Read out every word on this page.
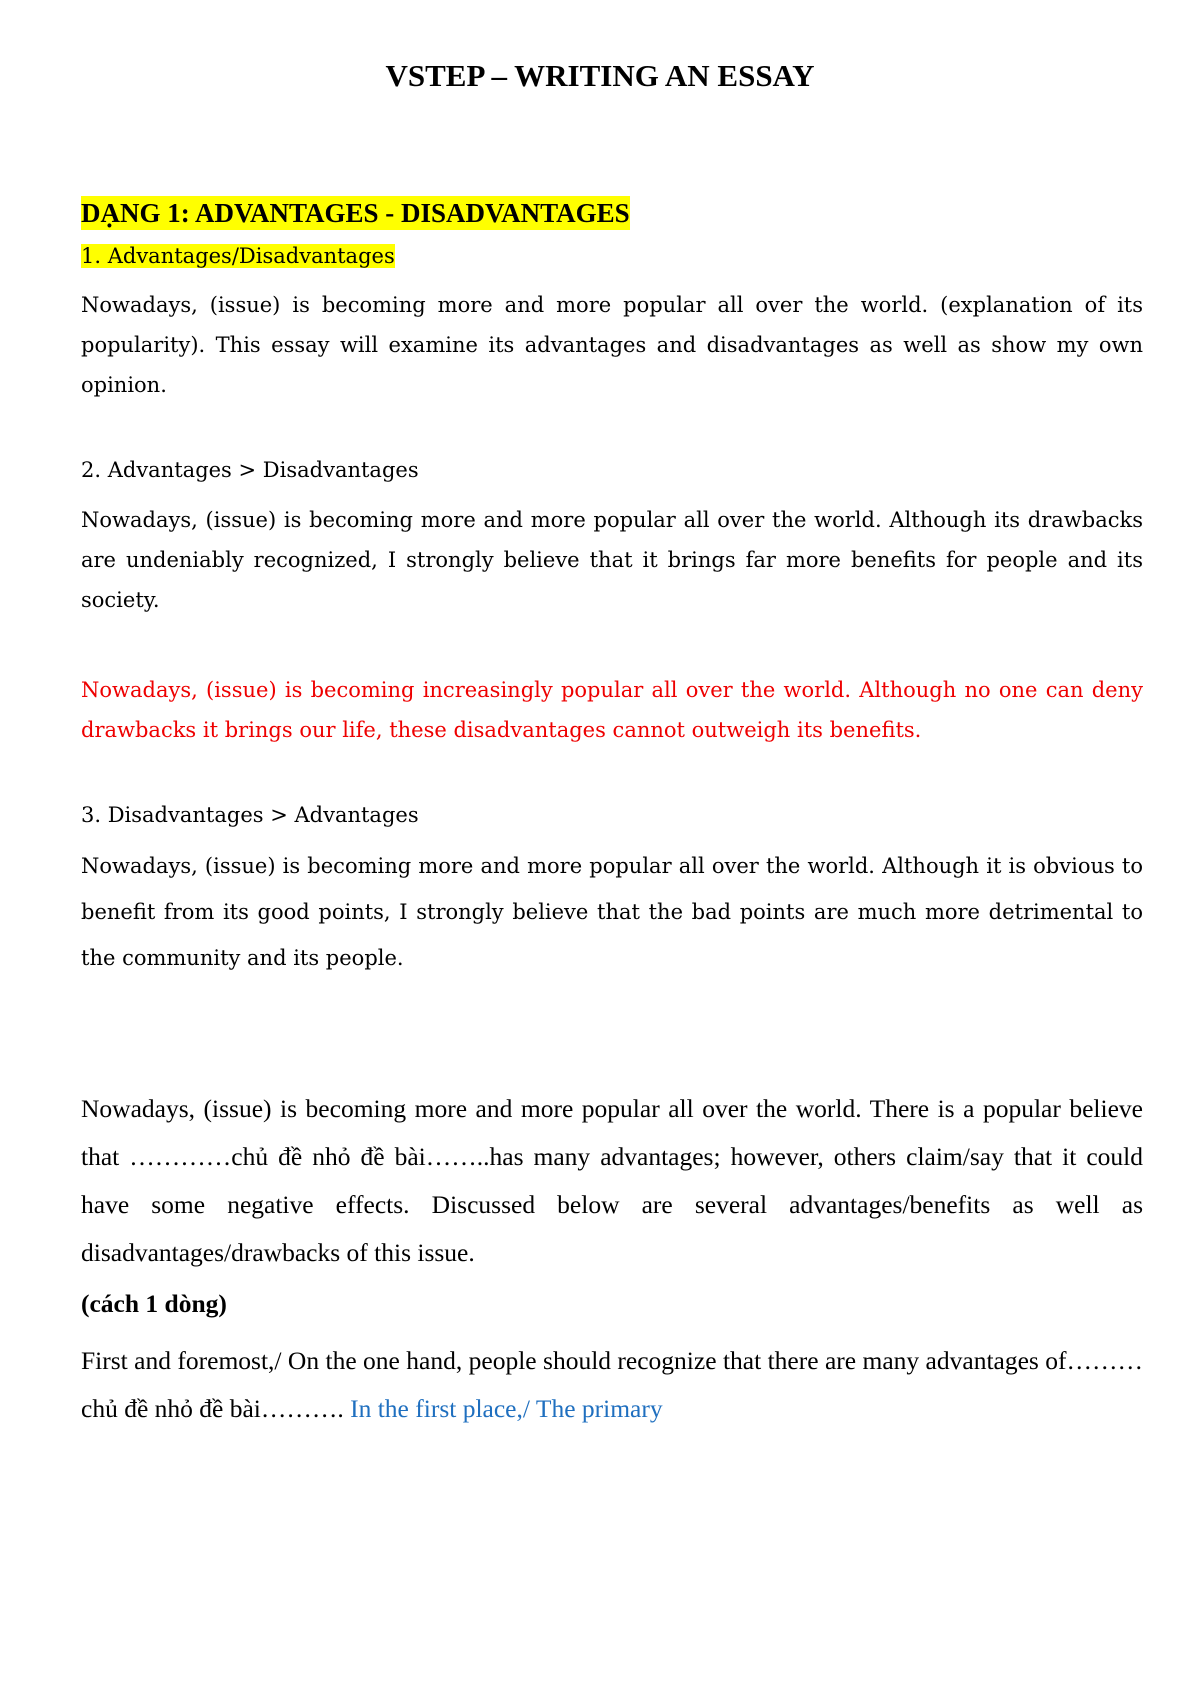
VSTEP – WRITING AN ESSAY
DẠNG 1: ADVANTAGES - DISADVANTAGES

1. Advantages/Disadvantages

Nowadays, (issue) is becoming more and more popular all over the world. (explanation of its popularity). This essay will examine its advantages and disadvantages as well as show my own opinion.

2. Advantages > Disadvantages

Nowadays, (issue) is becoming more and more popular all over the world. Although its drawbacks are undeniably recognized, I strongly believe that it brings far more benefits for people and its society.

Nowadays, (issue) is becoming increasingly popular all over the world. Although no one can deny drawbacks it brings our life, these disadvantages cannot outweigh its benefits.

3. Disadvantages > Advantages

Nowadays, (issue) is becoming more and more popular all over the world. Although it is obvious to benefit from its good points, I strongly believe that the bad points are much more detrimental to the community and its people.

Nowadays, (issue) is becoming more and more popular all over the world. There is a popular believe that …………chủ đề nhỏ đề bài……..has many advantages; however, others claim/say that it could have some negative effects. Discussed below are several advantages/benefits as well as disadvantages/drawbacks of this issue.

(cách 1 dòng)

First and foremost,/ On the one hand, people should recognize that there are many advantages of………chủ đề nhỏ đề bài………. In the first place,/ The primary
